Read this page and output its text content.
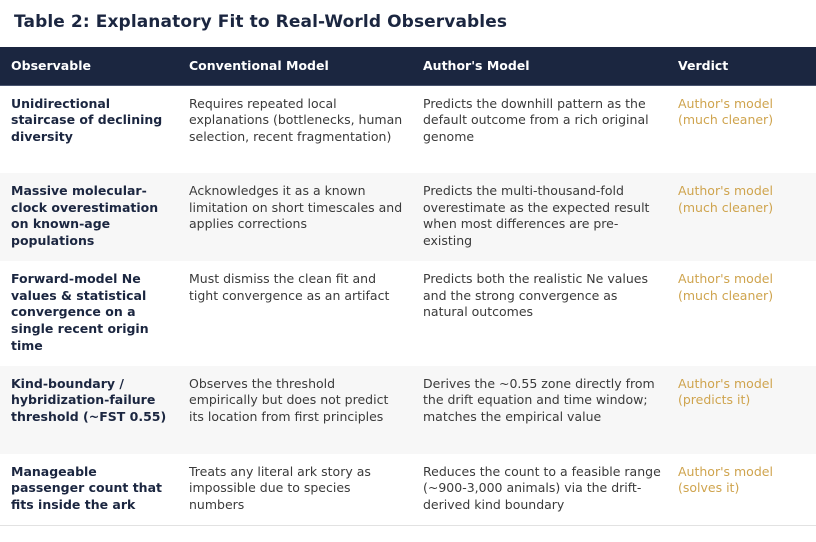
Table 2: Explanatory Fit to Real-World Observables
Observable	Conventional Model	Author's Model	Verdict
Unidirectional staircase of declining diversity	Requires repeated local explanations (bottlenecks, human selection, recent fragmentation)	Predicts the downhill pattern as the default outcome from a rich original genome	Author's model (much cleaner)
Massive molecular-clock overestimation on known-age populations	Acknowledges it as a known limitation on short timescales and applies corrections	Predicts the multi-thousand-fold overestimate as the expected result when most differences are pre-existing	Author's model (much cleaner)
Forward-model Ne values & statistical convergence on a single recent origin time	Must dismiss the clean fit and tight convergence as an artifact	Predicts both the realistic Ne values and the strong convergence as natural outcomes	Author's model (much cleaner)
Kind-boundary / hybridization-failure threshold (~FST 0.55)	Observes the threshold empirically but does not predict its location from first principles	Derives the ~0.55 zone directly from the drift equation and time window; matches the empirical value	Author's model (predicts it)
Manageable passenger count that fits inside the ark	Treats any literal ark story as impossible due to species numbers	Reduces the count to a feasible range (~900-3,000 animals) via the drift-derived kind boundary	Author's model (solves it)
